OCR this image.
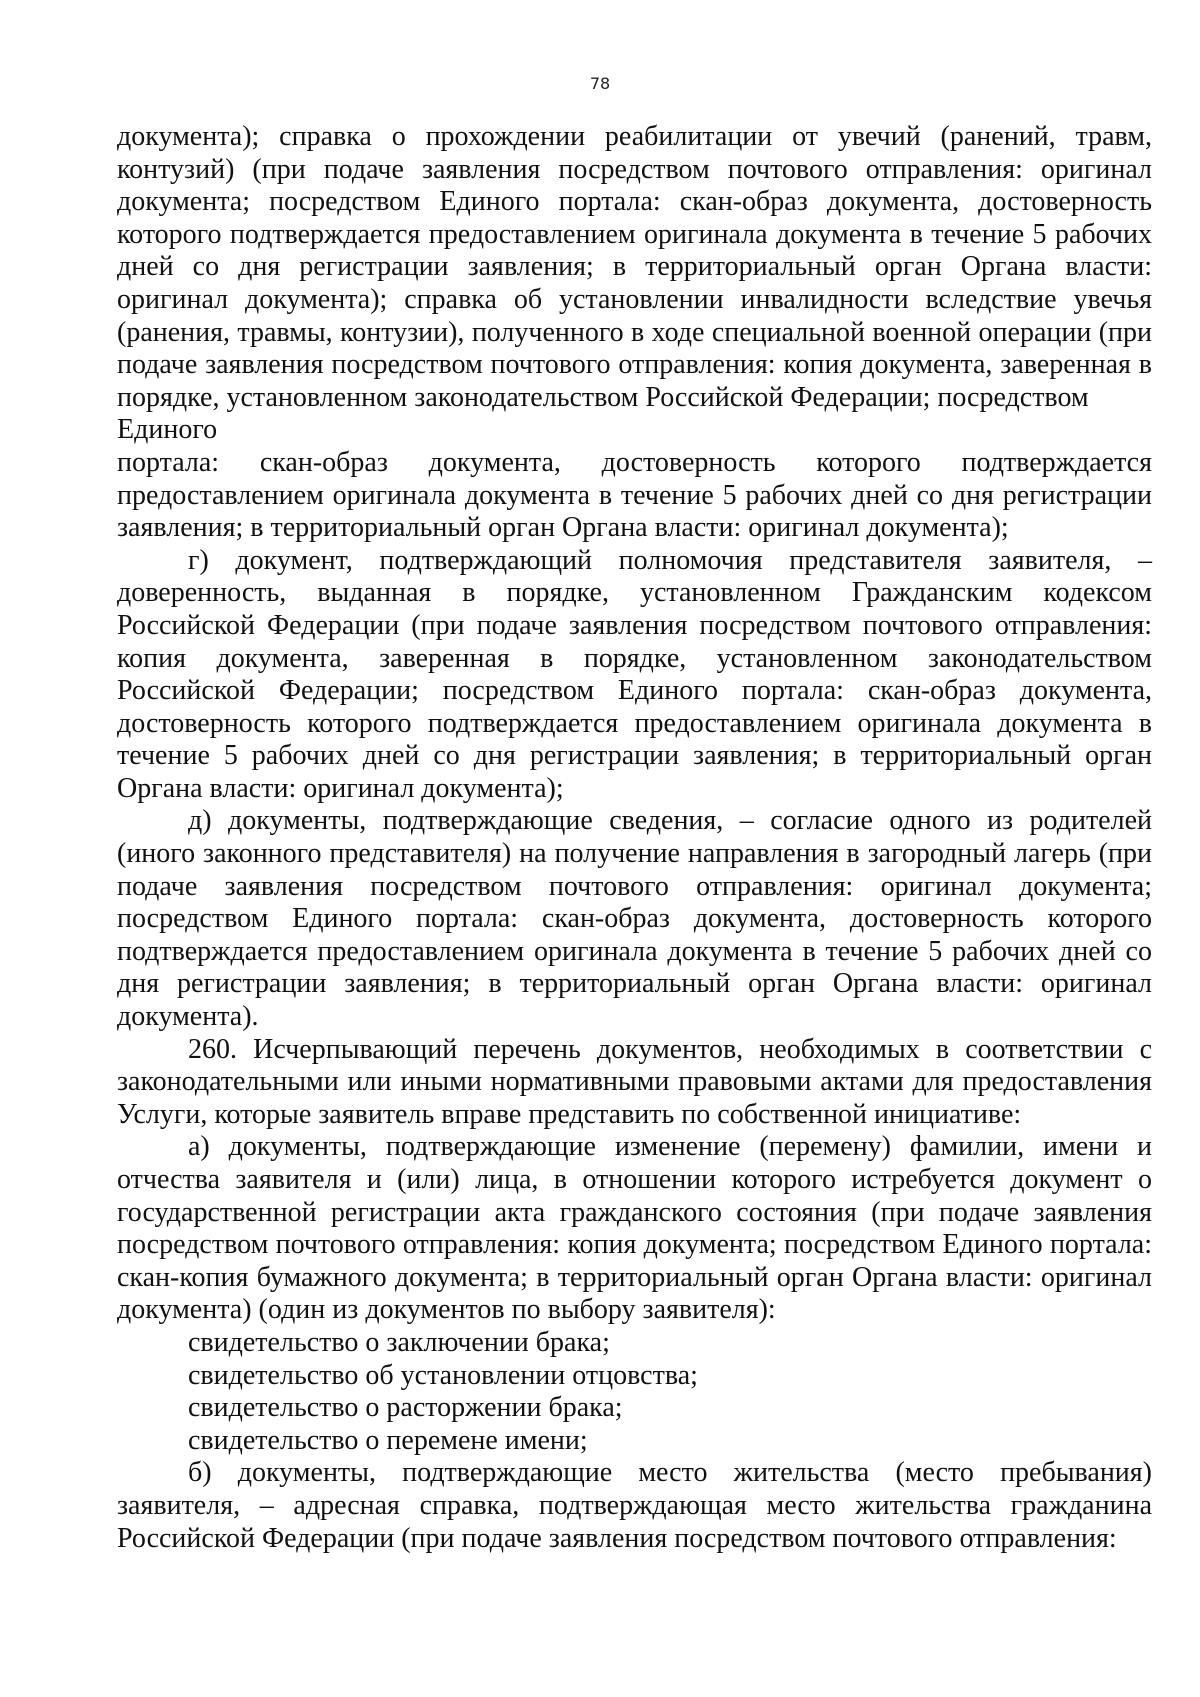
78

документа); справка о прохождении реабилитации от увечий (ранений, травм, контузий) (при подаче заявления посредством почтового отправления: оригинал документа; посредством Единого портала: скан-образ документа, достоверность которого подтверждается предоставлением оригинала документа в течение 5 рабочих дней со дня регистрации заявления; в территориальный орган Органа власти: оригинал документа); справка об установлении инвалидности вследствие увечья (ранения, травмы, контузии), полученного в ходе специальной военной операции (при подаче заявления посредством почтового отправления: копия документа, заверенная в порядке, установленном законодательством Российской Федерации; посредством

Единого

портала: скан-образ документа, достоверность которого подтверждается предоставлением оригинала документа в течение 5 рабочих дней со дня регистрации заявления; в территориальный орган Органа власти: оригинал документа);

г) документ, подтверждающий полномочия представителя заявителя, – доверенность, выданная в порядке, установленном Гражданским кодексом Российской Федерации (при подаче заявления посредством почтового отправления: копия документа, заверенная в порядке, установленном законодательством Российской Федерации; посредством Единого портала: скан-образ документа, достоверность которого подтверждается предоставлением оригинала документа в течение 5 рабочих дней со дня регистрации заявления; в территориальный орган Органа власти: оригинал документа);

д) документы, подтверждающие сведения, – согласие одного из родителей (иного законного представителя) на получение направления в загородный лагерь (при подаче заявления посредством почтового отправления: оригинал документа; посредством Единого портала: скан-образ документа, достоверность которого подтверждается предоставлением оригинала документа в течение 5 рабочих дней со дня регистрации заявления; в территориальный орган Органа власти: оригинал документа).

260. Исчерпывающий перечень документов, необходимых в соответствии с законодательными или иными нормативными правовыми актами для предоставления Услуги, которые заявитель вправе представить по собственной инициативе:

а) документы, подтверждающие изменение (перемену) фамилии, имени и отчества заявителя и (или) лица, в отношении которого истребуется документ о государственной регистрации акта гражданского состояния (при подаче заявления посредством почтового отправления: копия документа; посредством Единого портала: скан-копия бумажного документа; в территориальный орган Органа власти: оригинал документа) (один из документов по выбору заявителя):

свидетельство о заключении брака;

свидетельство об установлении отцовства;

свидетельство о расторжении брака;

свидетельство о перемене имени;

б) документы, подтверждающие место жительства (место пребывания) заявителя, – адресная справка, подтверждающая место жительства гражданина Российской Федерации (при подаче заявления посредством почтового отправления:
